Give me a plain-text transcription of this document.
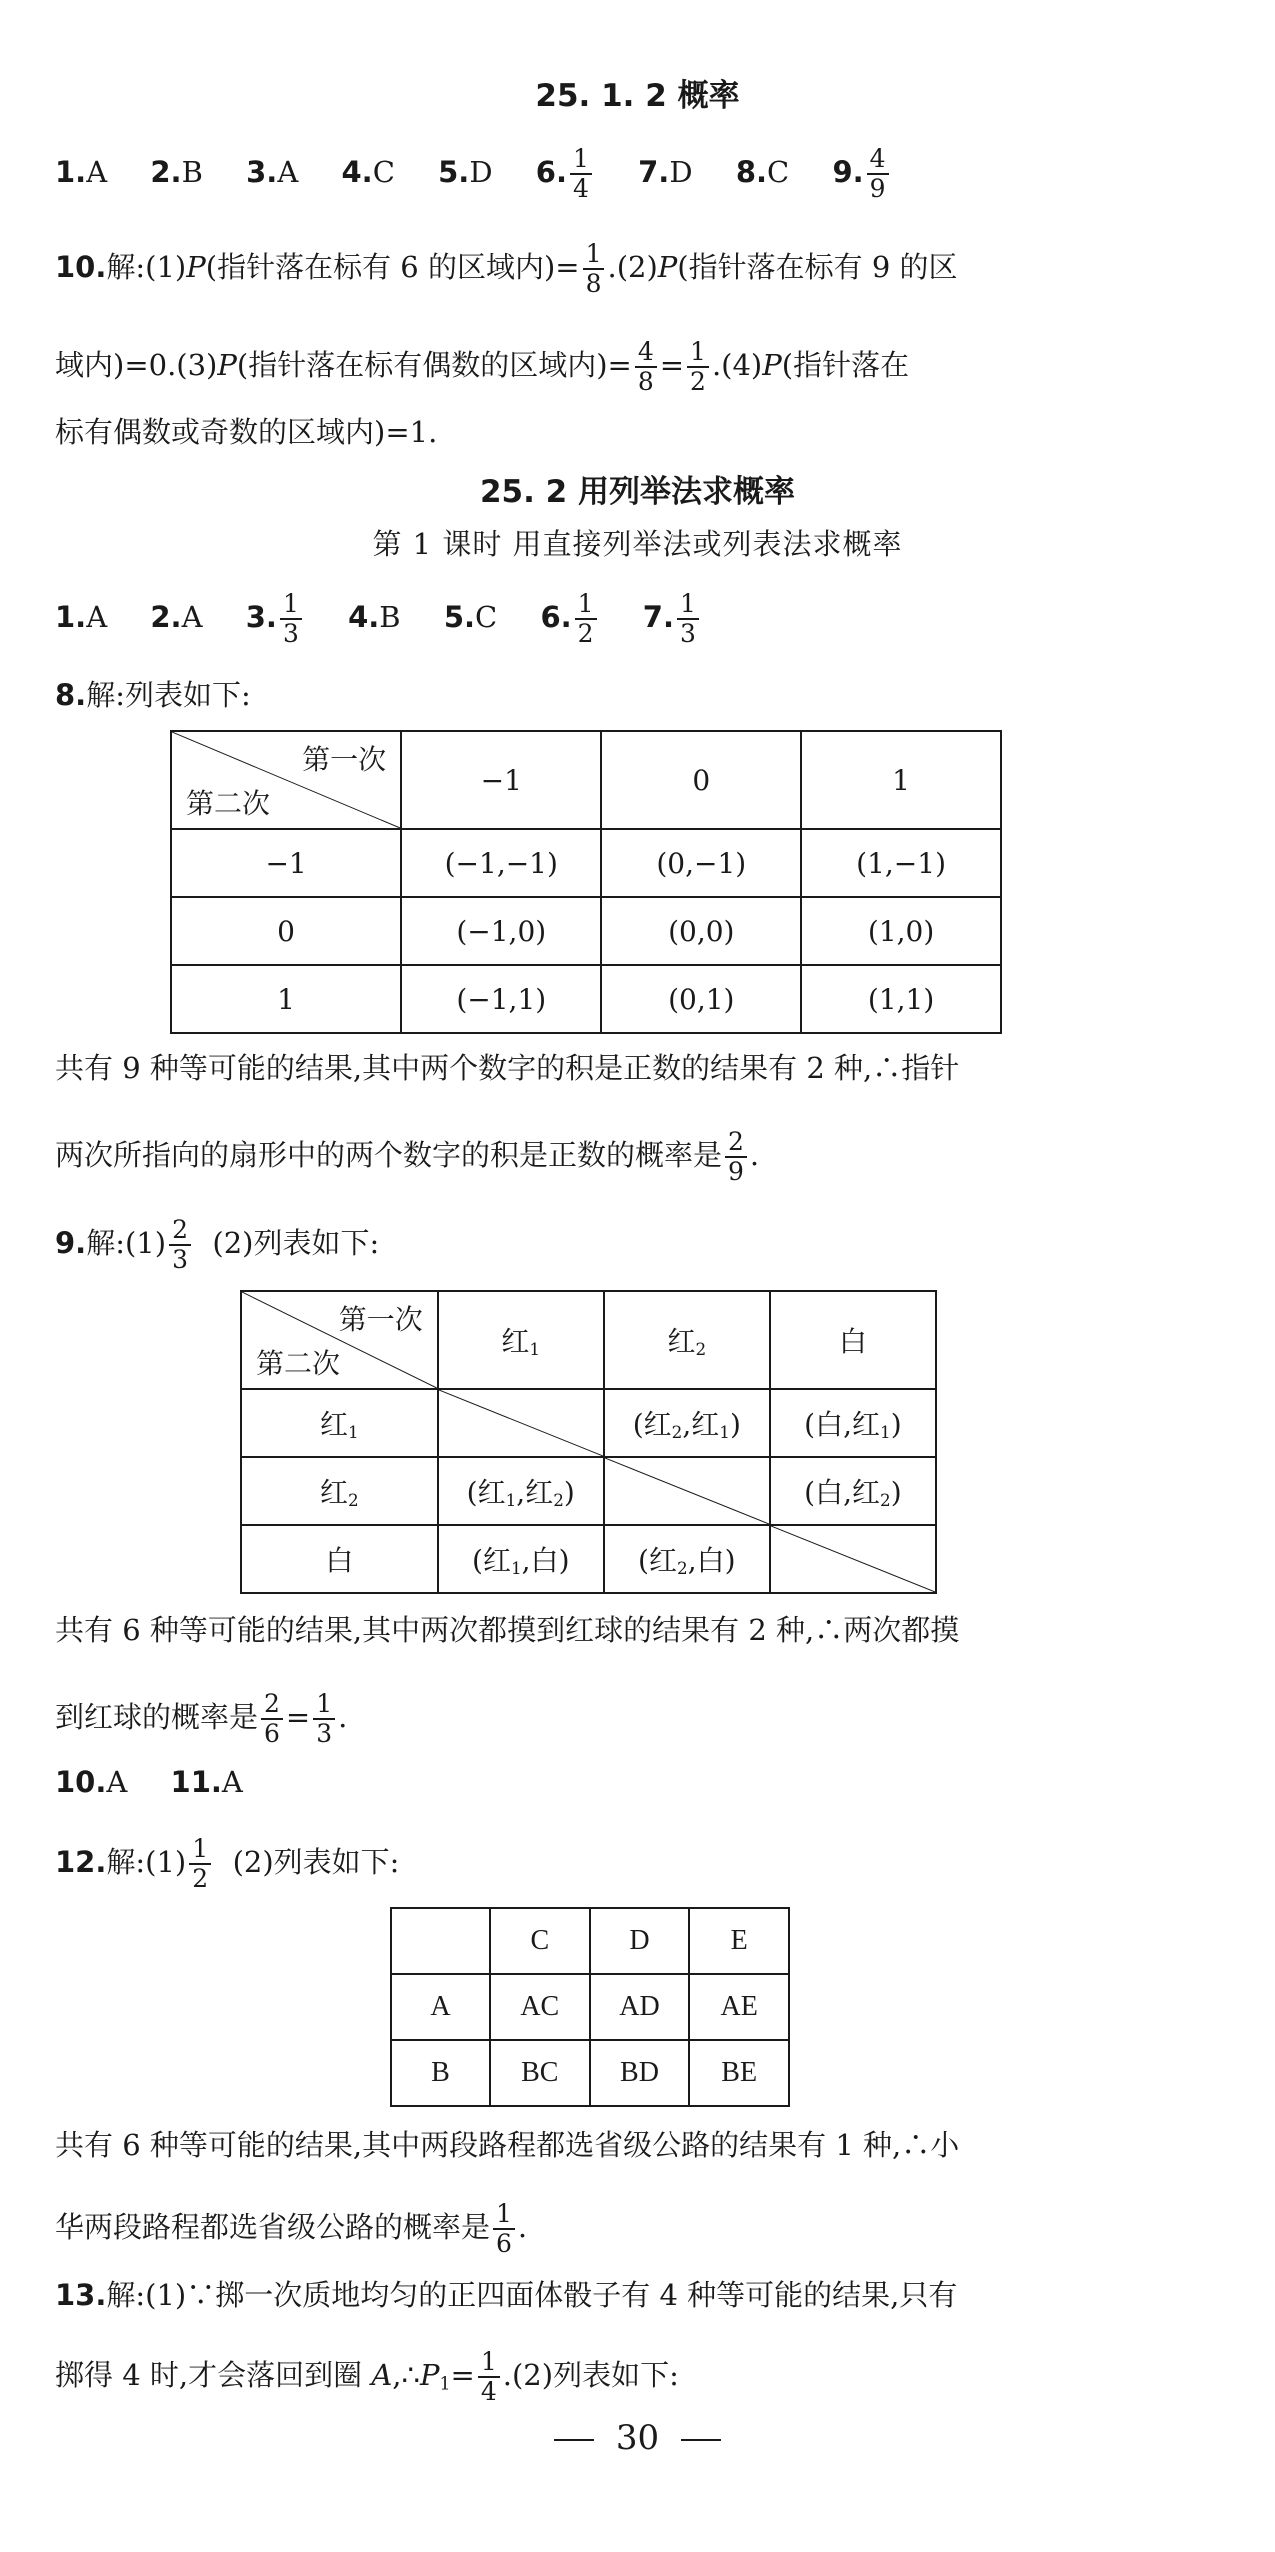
25. 1. 2 概率
1.A 2.B 3.A 4.C 5.D 6. $\frac{1}{4} 7.D$ 8.C 9. $\frac{4}{9}$
10.解:(1)P(指针落在标有 6 的区域内)= $\frac{1}{8} .(2)P$(指针落在标有 9 的区
域内)=0.(3)P(指针落在标有偶数的区域内)= $\frac{4}{8} = \frac{1}{2} .(4)P$(指针落在
标有偶数或奇数的区域内)=1.
25. 2 用列举法求概率
第 1 课时 用直接列举法或列表法求概率
1.A 2.A 3. $\frac{1}{3} 4.B$ 5.C 6. $\frac{1}{2} 7$. $\frac{1}{3}$
8.解:列表如下:
第一次
第二次	−1	0	1
−1	(−1,−1)	(0,−1)	(1,−1)
0	(−1,0)	(0,0)	(1,0)
1	(−1,1)	(0,1)	(1,1)
共有 9 种等可能的结果,其中两个数字的积是正数的结果有 2 种,∴指针
两次所指向的扇形中的两个数字的积是正数的概率是 $\frac{2}{9}$ .
9.解:(1) $\frac{2}{3} (2)$列表如下:
第一次
第二次	红$_1$	红$_2$	白
红$_1$		(红$_2$,红$_1$)	(白,红$_1$)
红$_2$	(红$_1$,红$_2$)		(白,红$_2$)
白	(红$_1$,白)	(红$_2$,白)	
共有 6 种等可能的结果,其中两次都摸到红球的结果有 2 种,∴两次都摸
到红球的概率是 $\frac{2}{6} = \frac{1}{3}$ .
10.A 11.A
12.解:(1) $\frac{1}{2} (2)$列表如下:
	C	D	E
A	AC	AD	AE
B	BC	BD	BE
共有 6 种等可能的结果,其中两段路程都选省级公路的结果有 1 种,∴小
华两段路程都选省级公路的概率是 $\frac{1}{6}$ .
13.解:(1)∵掷一次质地均匀的正四面体骰子有 4 种等可能的结果,只有
掷得 4 时,才会落回到圈 $A,\therefore P_1= \frac{1}{4} .(2)$列表如下:
30
